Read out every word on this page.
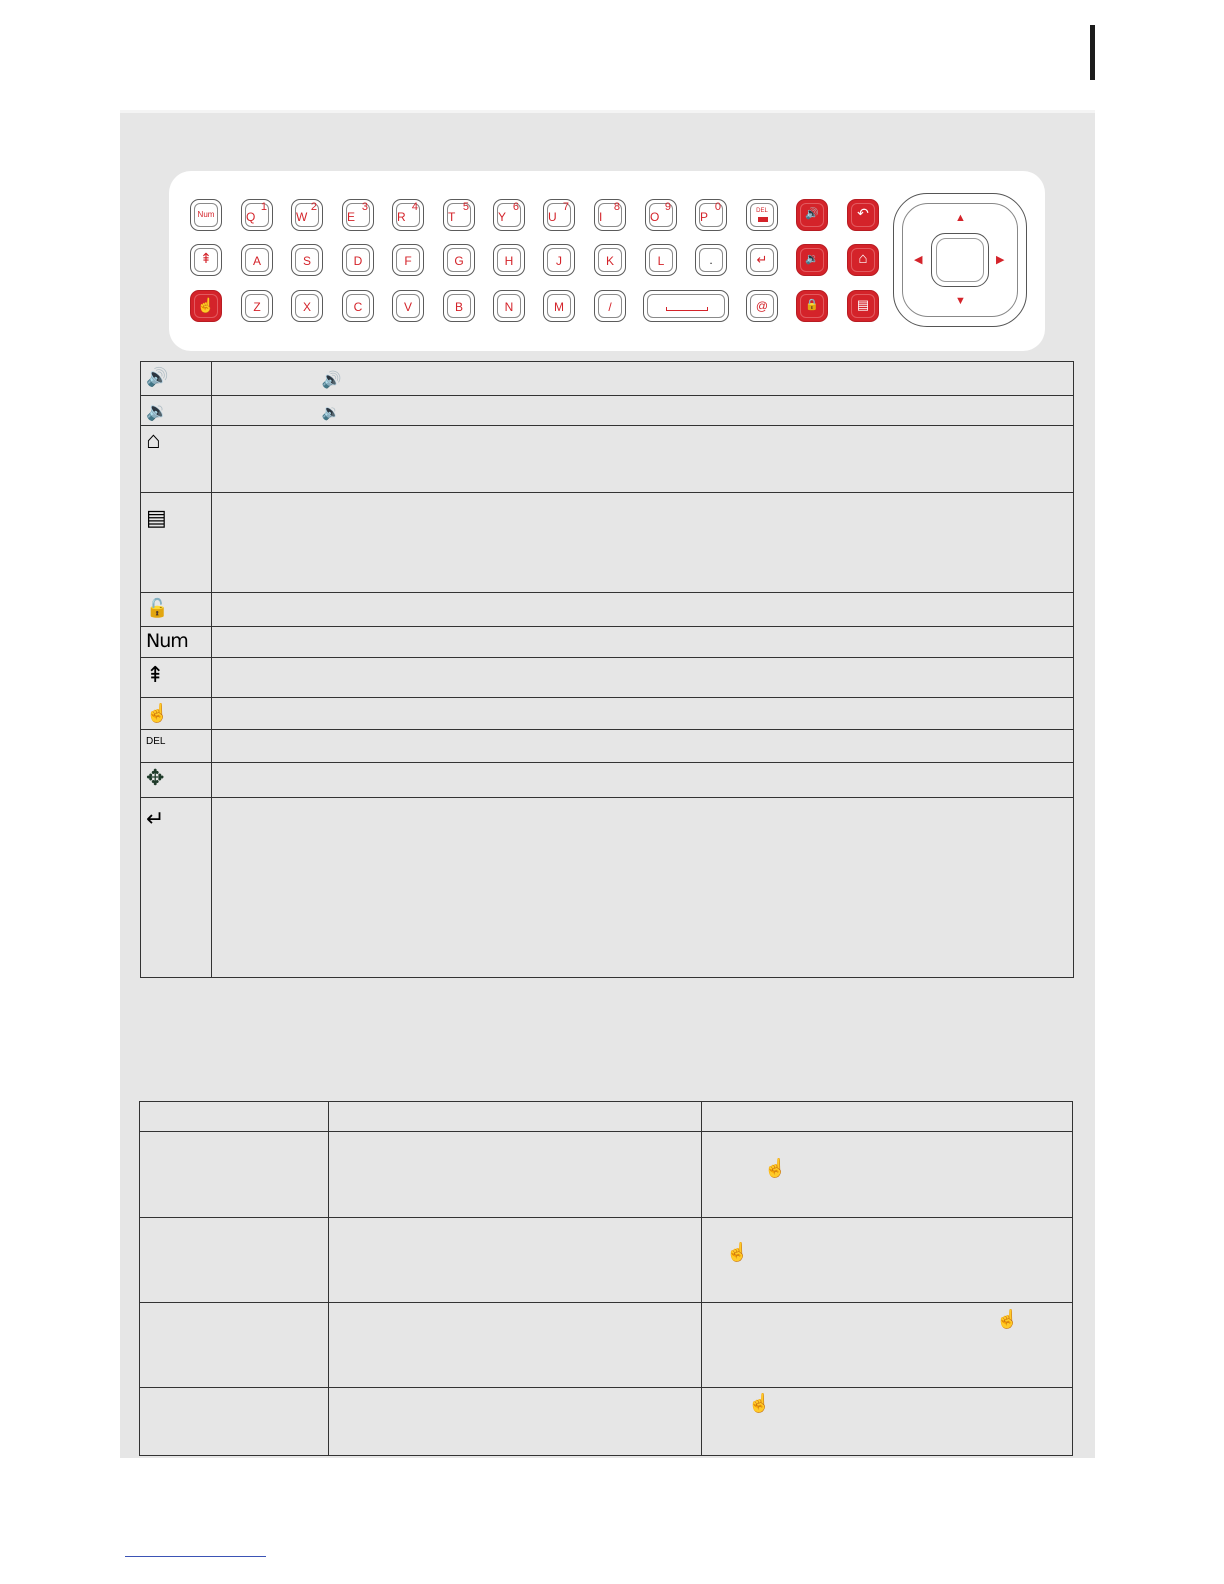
Num	Q
1
W
2
E
3
R
4
T
5
Y
6
U
7
I
8
O
9
P
0	DEL	🔊	↶
⇞	A	S	D	F	G	H	J	K	L	.	↵	🔉	⌂
☝	Z	X	C	V	B	N	M	/	@	🔒	▤
▲
▼
◀	▶
🔊	🔊

🔉	🔉

⌂	

▤	

🔓	

Num	

⇞	

☝	

DEL	

✥	

↵	

		☝
		☝
		☝
		☝
